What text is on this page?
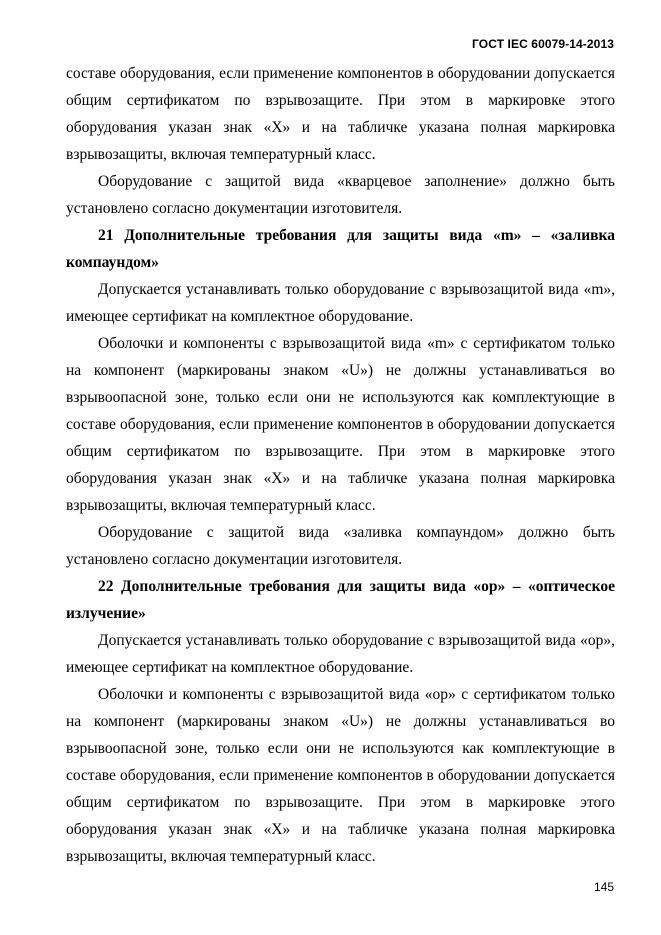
ГОСТ IEC 60079-14-2013

составе оборудования, если применение компонентов в оборудовании допускается общим сертификатом по взрывозащите. При этом в маркировке этого оборудования указан знак «Х» и на табличке указана полная маркировка взрывозащиты, включая температурный класс.

Оборудование с защитой вида «кварцевое заполнение» должно быть установлено согласно документации изготовителя.

21 Дополнительные требования для защиты вида «m» – «заливка компаундом»

Допускается устанавливать только оборудование с взрывозащитой вида «m», имеющее сертификат на комплектное оборудование.

Оболочки и компоненты с взрывозащитой вида «m» с сертификатом только на компонент (маркированы знаком «U») не должны устанавливаться во взрывоопасной зоне, только если они не используются как комплектующие в составе оборудования, если применение компонентов в оборудовании допускается общим сертификатом по взрывозащите. При этом в маркировке этого оборудования указан знак «Х» и на табличке указана полная маркировка взрывозащиты, включая температурный класс.

Оборудование с защитой вида «заливка компаундом» должно быть установлено согласно документации изготовителя.

22 Дополнительные требования для защиты вида «op» – «оптическое излучение»

Допускается устанавливать только оборудование с взрывозащитой вида «op», имеющее сертификат на комплектное оборудование.

Оболочки и компоненты с взрывозащитой вида «op» с сертификатом только на компонент (маркированы знаком «U») не должны устанавливаться во взрывоопасной зоне, только если они не используются как комплектующие в составе оборудования, если применение компонентов в оборудовании допускается общим сертификатом по взрывозащите. При этом в маркировке этого оборудования указан знак «Х» и на табличке указана полная маркировка взрывозащиты, включая температурный класс.

145
